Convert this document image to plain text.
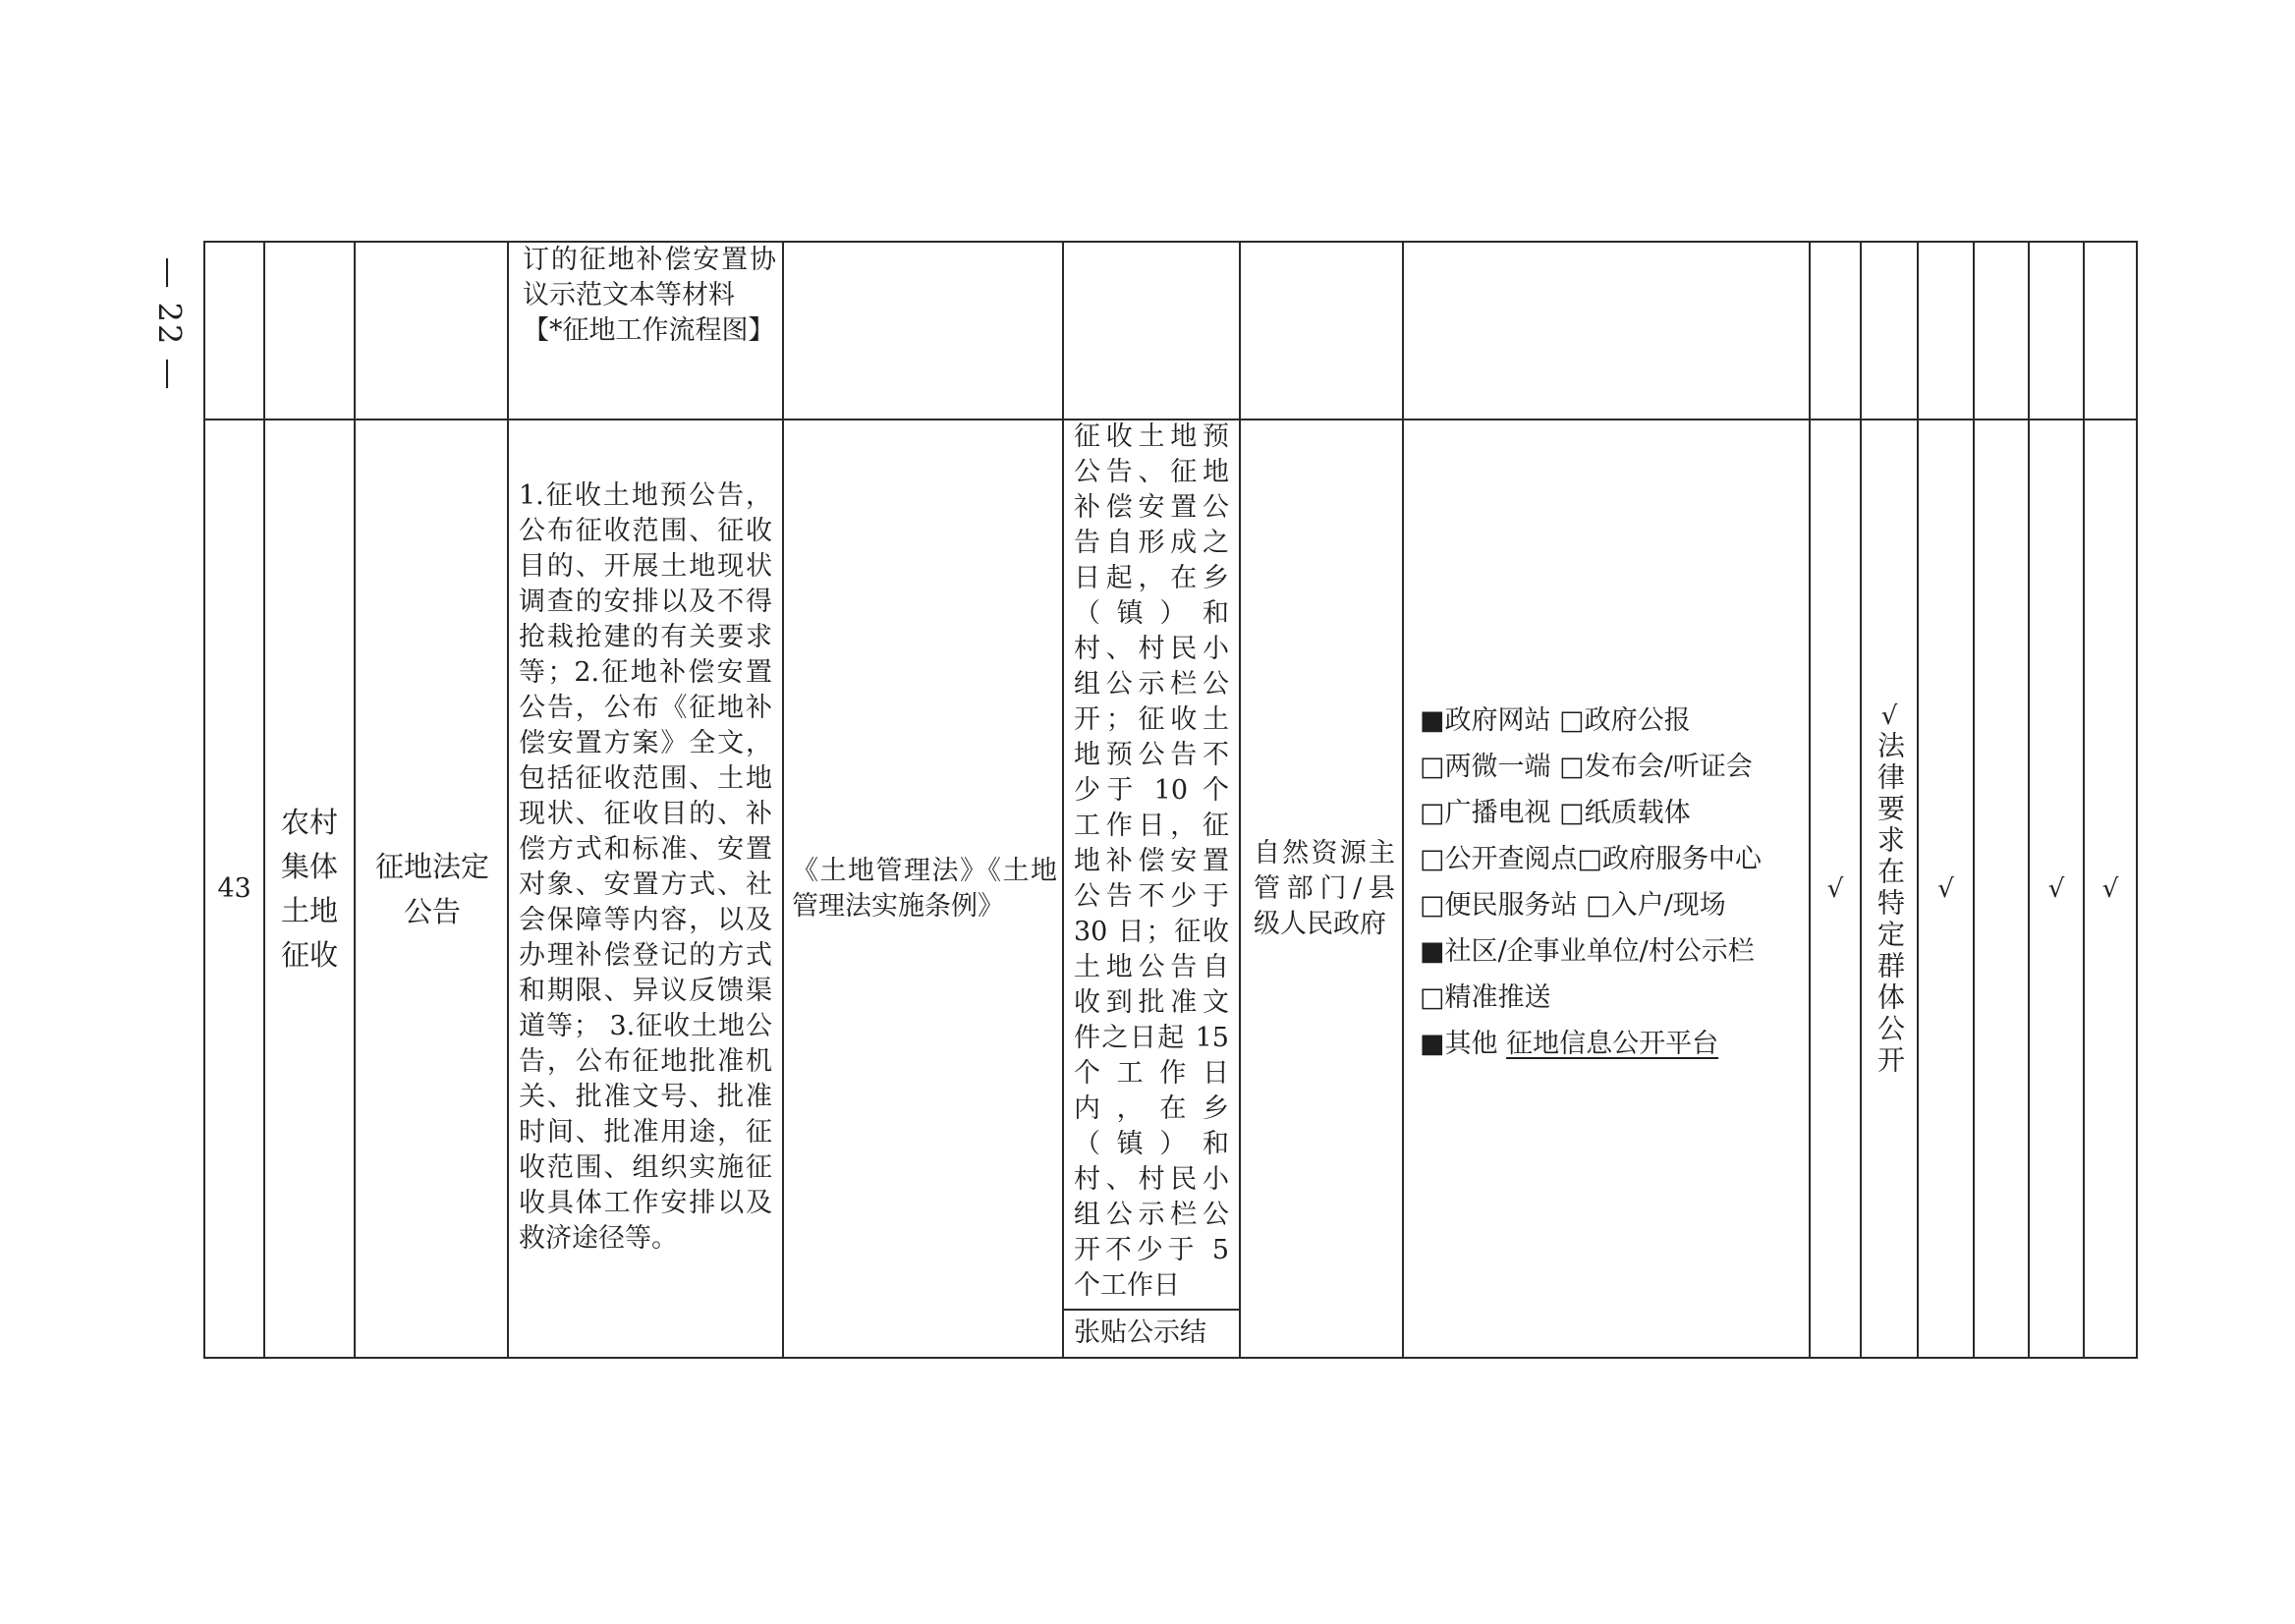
— 22 —	订的征地补偿安置协议示范文本等材料
【*征地工作流程图】
43
农村集体土地征收
征地法定公告
1.征收土地预公告，公布征收范围、征收目的、开展土地现状调查的安排以及不得抢栽抢建的有关要求等；2.征地补偿安置公告，公布《征地补偿安置方案》全文，包括征收范围、土地现状、征收目的、补偿方式和标准、安置对象、安置方式、社会保障等内容，以及办理补偿登记的方式和期限、异议反馈渠道等； 3.征收土地公告，公布征地批准机关、批准文号、批准时间、批准用途，征收范围、组织实施征收具体工作安排以及救济途径等。
《土地管理法》《土地管理法实施条例》
征收土地预公告、征地补偿安置公告自形成之日起，在乡（镇）和村、村民小组公示栏公开；征收土地预公告不少于 10 个工作日，征地补偿安置公告不少于 30 日；征收土地公告自收到批准文件之日起 15 个工作日内，在乡（镇）和村、村民小组公示栏公开不少于 5 个工作日
张贴公示结
自然资源主管部门/县级人民政府
■政府网站 □政府公报
□两微一端 □发布会/听证会
□广播电视 □纸质载体
□公开查阅点□政府服务中心
□便民服务站 □入户/现场
■社区/企事业单位/村公示栏
□精准推送
■其他 征地信息公开平台
√
√
法律要求在特定群体公开 √	√ √
